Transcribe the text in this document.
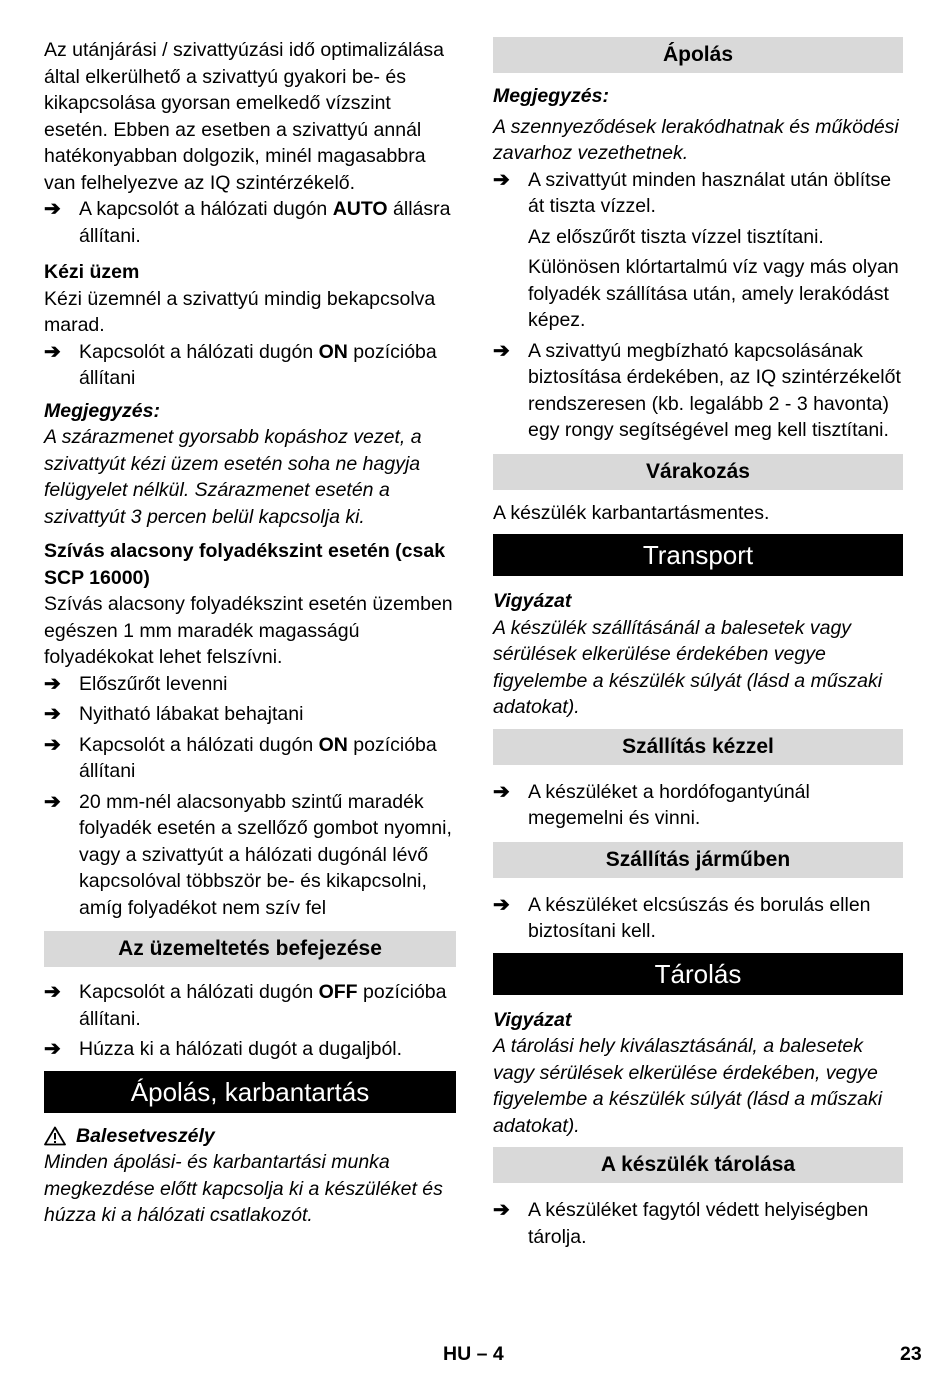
Az utánjárási / szivattyúzási idő optimalizálása által elkerülhető a szivattyú gyakori be- és kikapcsolása gyorsan emelkedő vízszint esetén. Ebben az esetben a szivattyú annál hatékonyabban dolgozik, minél magasabbra van felhelyezve az IQ szintérzékelő.

➔ A kapcsolót a hálózati dugón AUTO állásra állítani.

Kézi üzem

Kézi üzemnél a szivattyú mindig bekapcsolva marad.

➔ Kapcsolót a hálózati dugón ON pozícióba állítani

Megjegyzés:

A szárazmenet gyorsabb kopáshoz vezet, a szivattyút kézi üzem esetén soha ne hagyja felügyelet nélkül. Szárazmenet esetén a szivattyút 3 percen belül kapcsolja ki.

Szívás alacsony folyadékszint esetén (csak SCP 16000)

Szívás alacsony folyadékszint esetén üzemben egészen 1 mm maradék magasságú folyadékokat lehet felszívni.

➔ Előszűrőt levenni
➔ Nyitható lábakat behajtani
➔ Kapcsolót a hálózati dugón ON pozícióba állítani
➔ 20 mm-nél alacsonyabb szintű maradék folyadék esetén a szellőző gombot nyomni, vagy a szivattyút a hálózati dugónál lévő kapcsolóval többször be- és kikapcsolni, amíg folyadékot nem szív fel
Az üzemeltetés befejezése
➔ Kapcsolót a hálózati dugón OFF pozícióba állítani.
➔ Húzza ki a hálózati dugót a dugaljból.
Ápolás, karbantartás

Balesetveszély

Minden ápolási- és karbantartási munka megkezdése előtt kapcsolja ki a készüléket és húzza ki a hálózati csatlakozót.

Ápolás

Megjegyzés:

A szennyeződések lerakódhatnak és működési zavarhoz vezethetnek.

➔ A szivattyút minden használat után öblítse át tiszta vízzel.

Az előszűrőt tiszta vízzel tisztítani.

Különösen klórtartalmú víz vagy más olyan folyadék szállítása után, amely lerakódást képez.

➔ A szivattyú megbízható kapcsolásának biztosítása érdekében, az IQ szintérzékelőt rendszeresen (kb. legalább 2 - 3 havonta) egy rongy segítségével meg kell tisztítani.
Várakozás

A készülék karbantartásmentes.

Transport

Vigyázat

A készülék szállításánál a balesetek vagy sérülések elkerülése érdekében vegye figyelembe a készülék súlyát (lásd a műszaki adatokat).

Szállítás kézzel
➔ A készüléket a hordófogantyúnál megemelni és vinni.
Szállítás járműben
➔ A készüléket elcsúszás és borulás ellen biztosítani kell.
Tárolás

Vigyázat

A tárolási hely kiválasztásánál, a balesetek vagy sérülések elkerülése érdekében, vegye figyelembe a készülék súlyát (lásd a műszaki adatokat).

A készülék tárolása
➔ A készüléket fagytól védett helyiségben tárolja.
HU – 4	23
